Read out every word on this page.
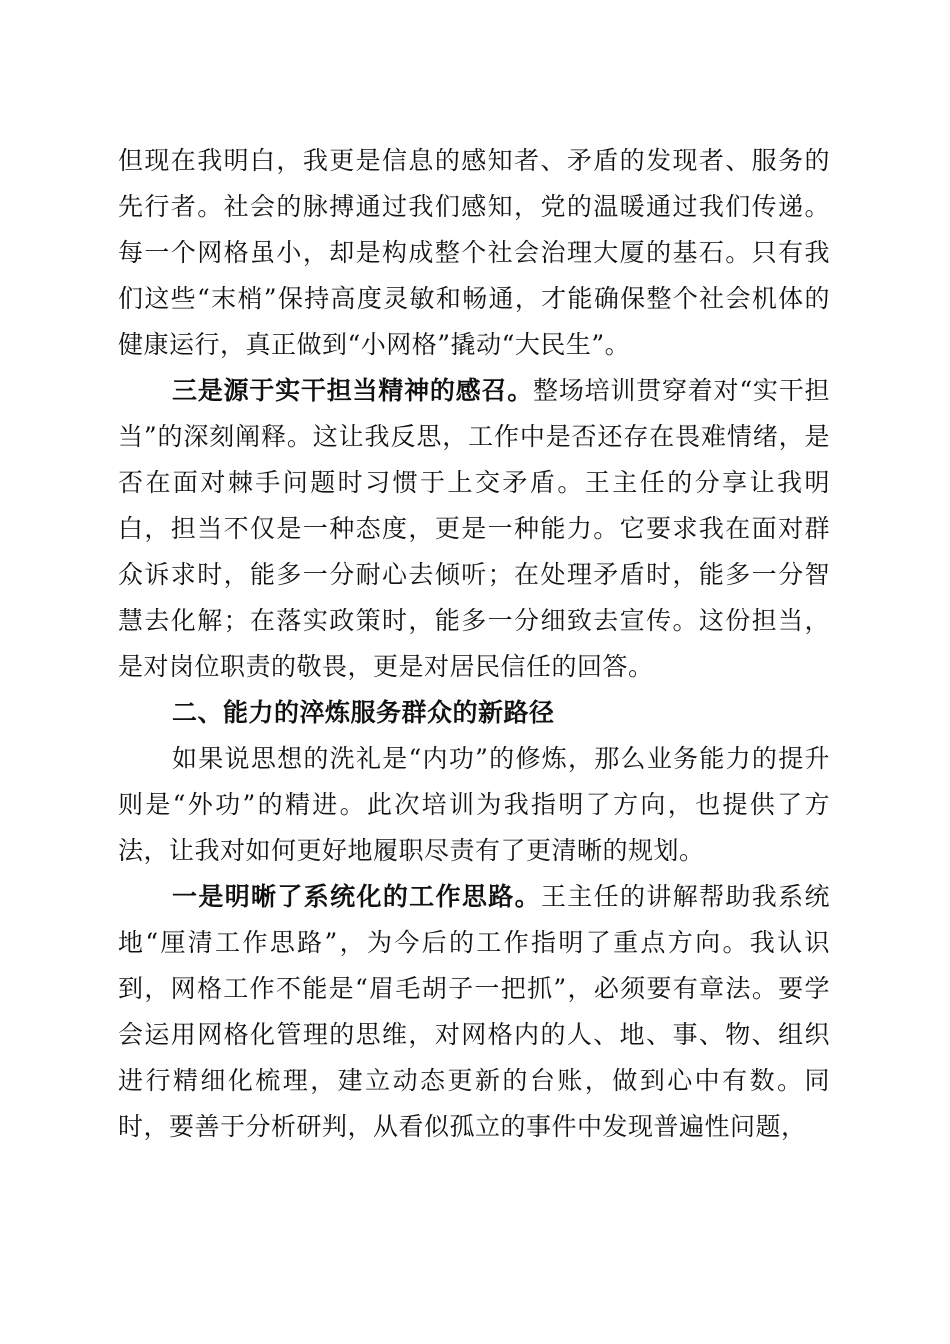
但现在我明白，我更是信息的感知者、矛盾的发现者、服务的先行者。社会的脉搏通过我们感知，党的温暖通过我们传递。每一个网格虽小，却是构成整个社会治理大厦的基石。只有我们这些“末梢”保持高度灵敏和畅通，才能确保整个社会机体的健康运行，真正做到“小网格”撬动“大民生”。

三是源于实干担当精神的感召。整场培训贯穿着对“实干担当”的深刻阐释。这让我反思，工作中是否还存在畏难情绪，是否在面对棘手问题时习惯于上交矛盾。王主任的分享让我明白，担当不仅是一种态度，更是一种能力。它要求我在面对群众诉求时，能多一分耐心去倾听；在处理矛盾时，能多一分智慧去化解；在落实政策时，能多一分细致去宣传。这份担当，是对岗位职责的敬畏，更是对居民信任的回答。

二、能力的淬炼服务群众的新路径

如果说思想的洗礼是“内功”的修炼，那么业务能力的提升则是“外功”的精进。此次培训为我指明了方向，也提供了方法，让我对如何更好地履职尽责有了更清晰的规划。

一是明晰了系统化的工作思路。王主任的讲解帮助我系统地“厘清工作思路”，为今后的工作指明了重点方向。我认识到，网格工作不能是“眉毛胡子一把抓”，必须要有章法。要学会运用网格化管理的思维，对网格内的人、地、事、物、组织进行精细化梳理，建立动态更新的台账，做到心中有数。同时，要善于分析研判，从看似孤立的事件中发现普遍性问题，
